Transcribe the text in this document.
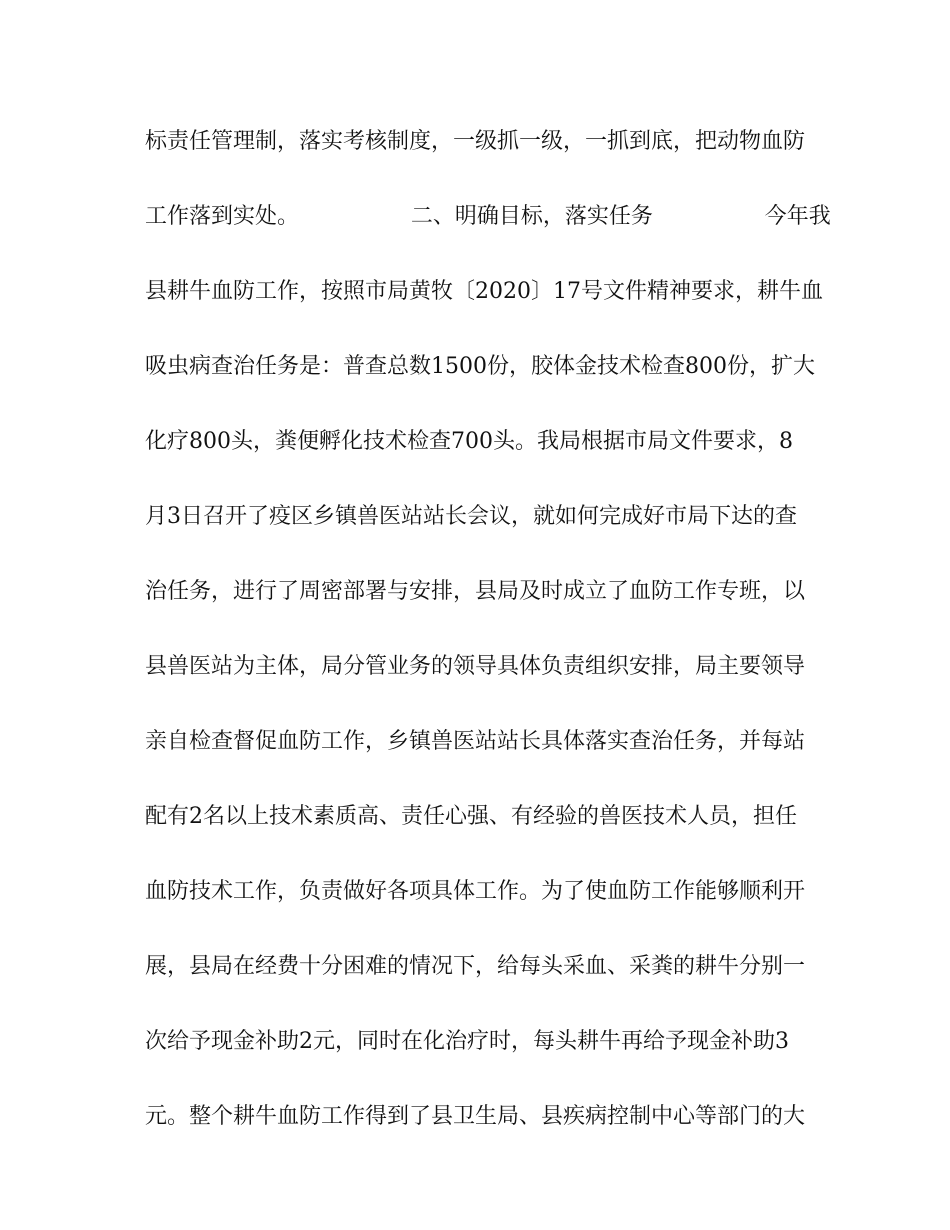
标责任管理制，落实考核制度，一级抓一级，一抓到底，把动物血防
工作落到实处。                二、明确目标，落实任务                今年我
县耕牛血防工作，按照市局黄牧〔2020〕17号文件精神要求，耕牛血
吸虫病查治任务是：普查总数1500份，胶体金技术检查800份，扩大
化疗800头，粪便孵化技术检查700头。我局根据市局文件要求，8
月3日召开了疫区乡镇兽医站站长会议，就如何完成好市局下达的查
治任务，进行了周密部署与安排，县局及时成立了血防工作专班，以
县兽医站为主体，局分管业务的领导具体负责组织安排，局主要领导
亲自检查督促血防工作，乡镇兽医站站长具体落实查治任务，并每站
配有2名以上技术素质高、责任心强、有经验的兽医技术人员，担任
血防技术工作，负责做好各项具体工作。为了使血防工作能够顺利开
展，县局在经费十分困难的情况下，给每头采血、采粪的耕牛分别一
次给予现金补助2元，同时在化治疗时，每头耕牛再给予现金补助3
元。整个耕牛血防工作得到了县卫生局、县疾病控制中心等部门的大
